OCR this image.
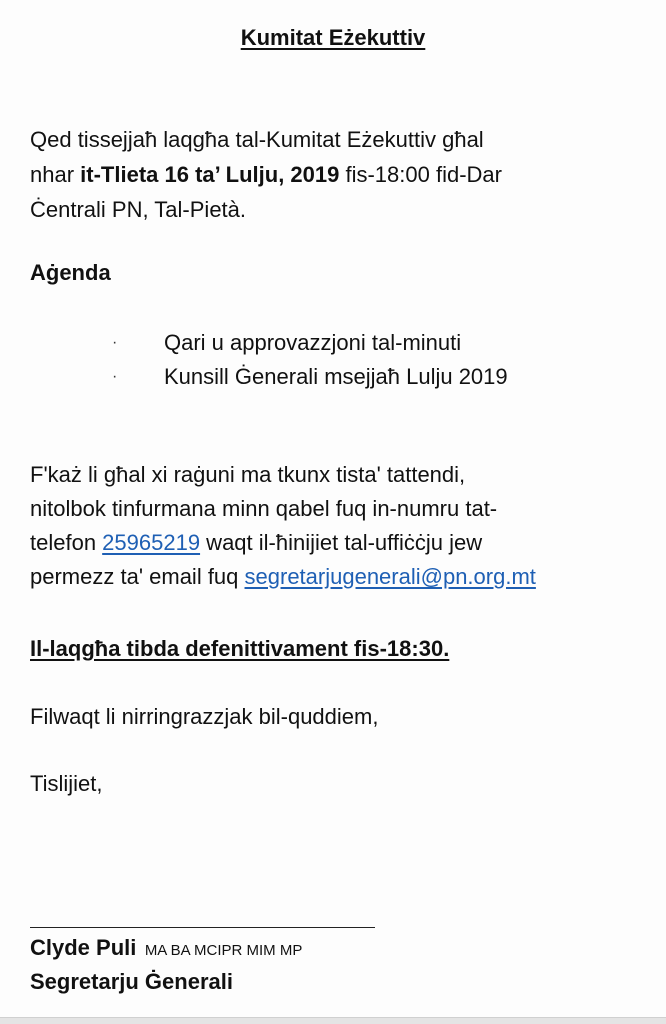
Kumitat Eżekuttiv
Qed tissejjaħ laqgħa tal-Kumitat Eżekuttiv għal
nhar it-Tlieta 16 ta’ Lulju, 2019 fis-18:00 fid-Dar
Ċentrali PN, Tal-Pietà.
Aġenda
· Qari u approvazzjoni tal-minuti
· Kunsill Ġenerali msejjaħ Lulju 2019
F'każ li għal xi raġuni ma tkunx tista' tattendi,
nitolbok tinfurmana minn qabel fuq in-numru tat-
telefon 25965219 waqt il-ħinijiet tal-uffiċċju jew
permezz ta' email fuq segretarjugenerali@pn.org.mt
Il-laqgħa tibda defenittivament fis-18:30.
Filwaqt li nirringrazzjak bil-quddiem,
Tislijiet,
Clyde Puli MA BA MCIPR MIM MP
Segretarju Ġenerali
